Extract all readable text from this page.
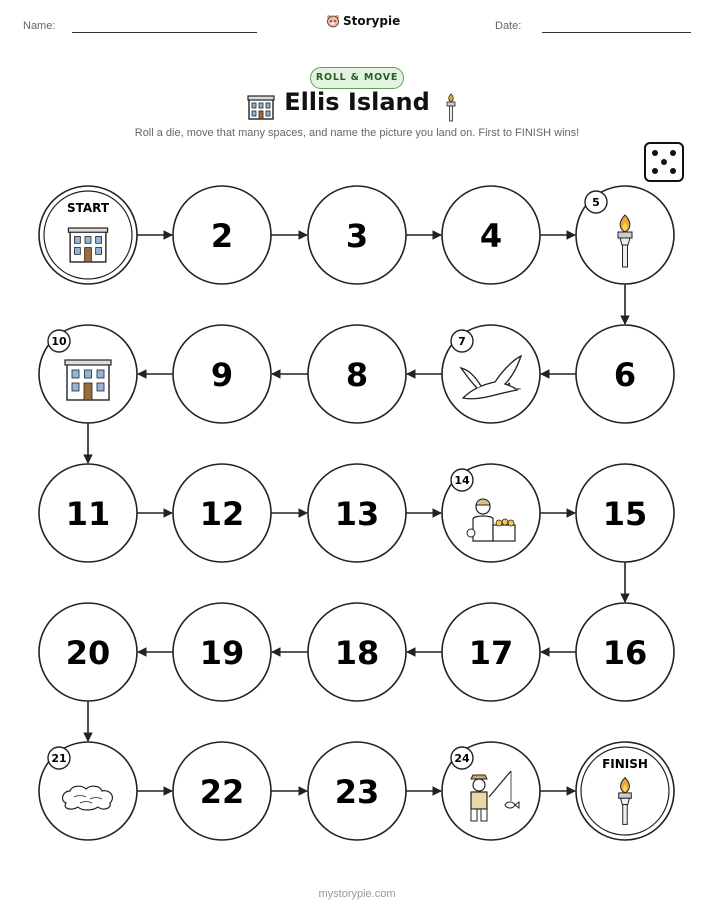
Name:	Storypie	Date:
ROLL & MOVE
Ellis Island
Roll a die, move that many spaces, and name the picture you land on. First to FINISH wins!
START
2	3	4
5
6
7
8
9
10
11	12	13
14
15
16
17
18
19
20
21
22	23
24	FINISH
mystorypie.com
